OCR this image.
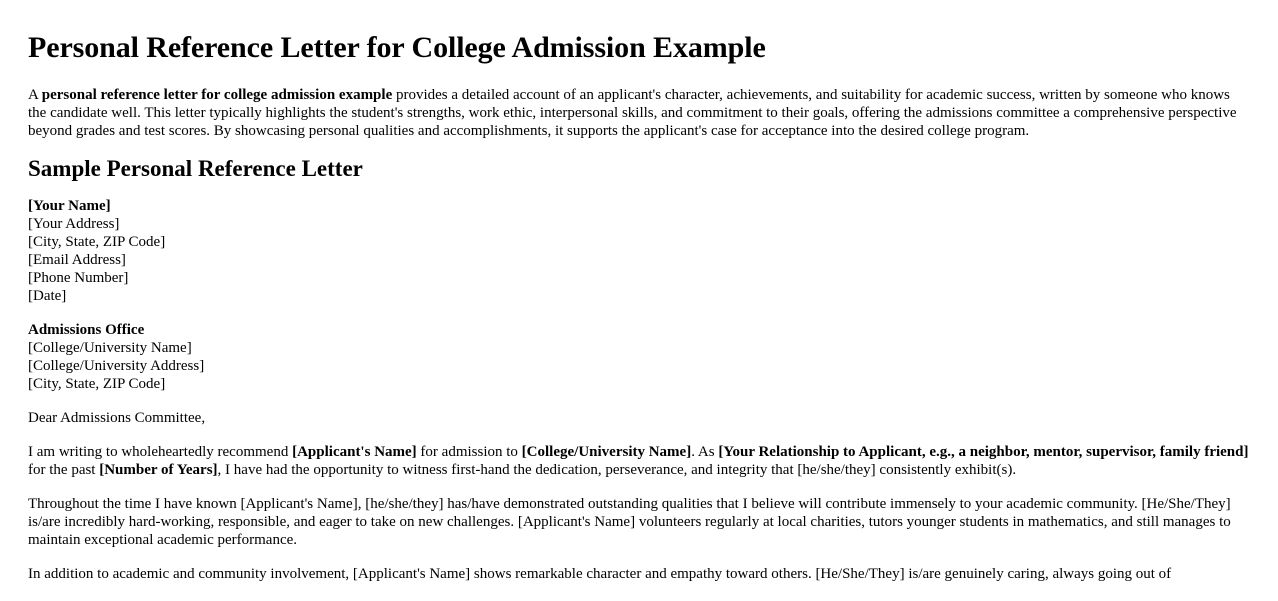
Personal Reference Letter for College Admission Example

A personal reference letter for college admission example provides a detailed account of an applicant's character, achievements, and suitability for academic success, written by someone who knows the candidate well. This letter typically highlights the student's strengths, work ethic, interpersonal skills, and commitment to their goals, offering the admissions committee a comprehensive perspective beyond grades and test scores. By showcasing personal qualities and accomplishments, it supports the applicant's case for acceptance into the desired college program.

Sample Personal Reference Letter

[Your Name]
[Your Address]
[City, State, ZIP Code]
[Email Address]
[Phone Number]
[Date]

Admissions Office
[College/University Name]
[College/University Address]
[City, State, ZIP Code]

Dear Admissions Committee,

I am writing to wholeheartedly recommend [Applicant's Name] for admission to [College/University Name]. As [Your Relationship to Applicant, e.g., a neighbor, mentor, supervisor, family friend] for the past [Number of Years], I have had the opportunity to witness first-hand the dedication, perseverance, and integrity that [he/she/they] consistently exhibit(s).

Throughout the time I have known [Applicant's Name], [he/she/they] has/have demonstrated outstanding qualities that I believe will contribute immensely to your academic community. [He/She/They] is/are incredibly hard-working, responsible, and eager to take on new challenges. [Applicant's Name] volunteers regularly at local charities, tutors younger students in mathematics, and still manages to maintain exceptional academic performance.

In addition to academic and community involvement, [Applicant's Name] shows remarkable character and empathy toward others. [He/She/They] is/are genuinely caring, always going out of
